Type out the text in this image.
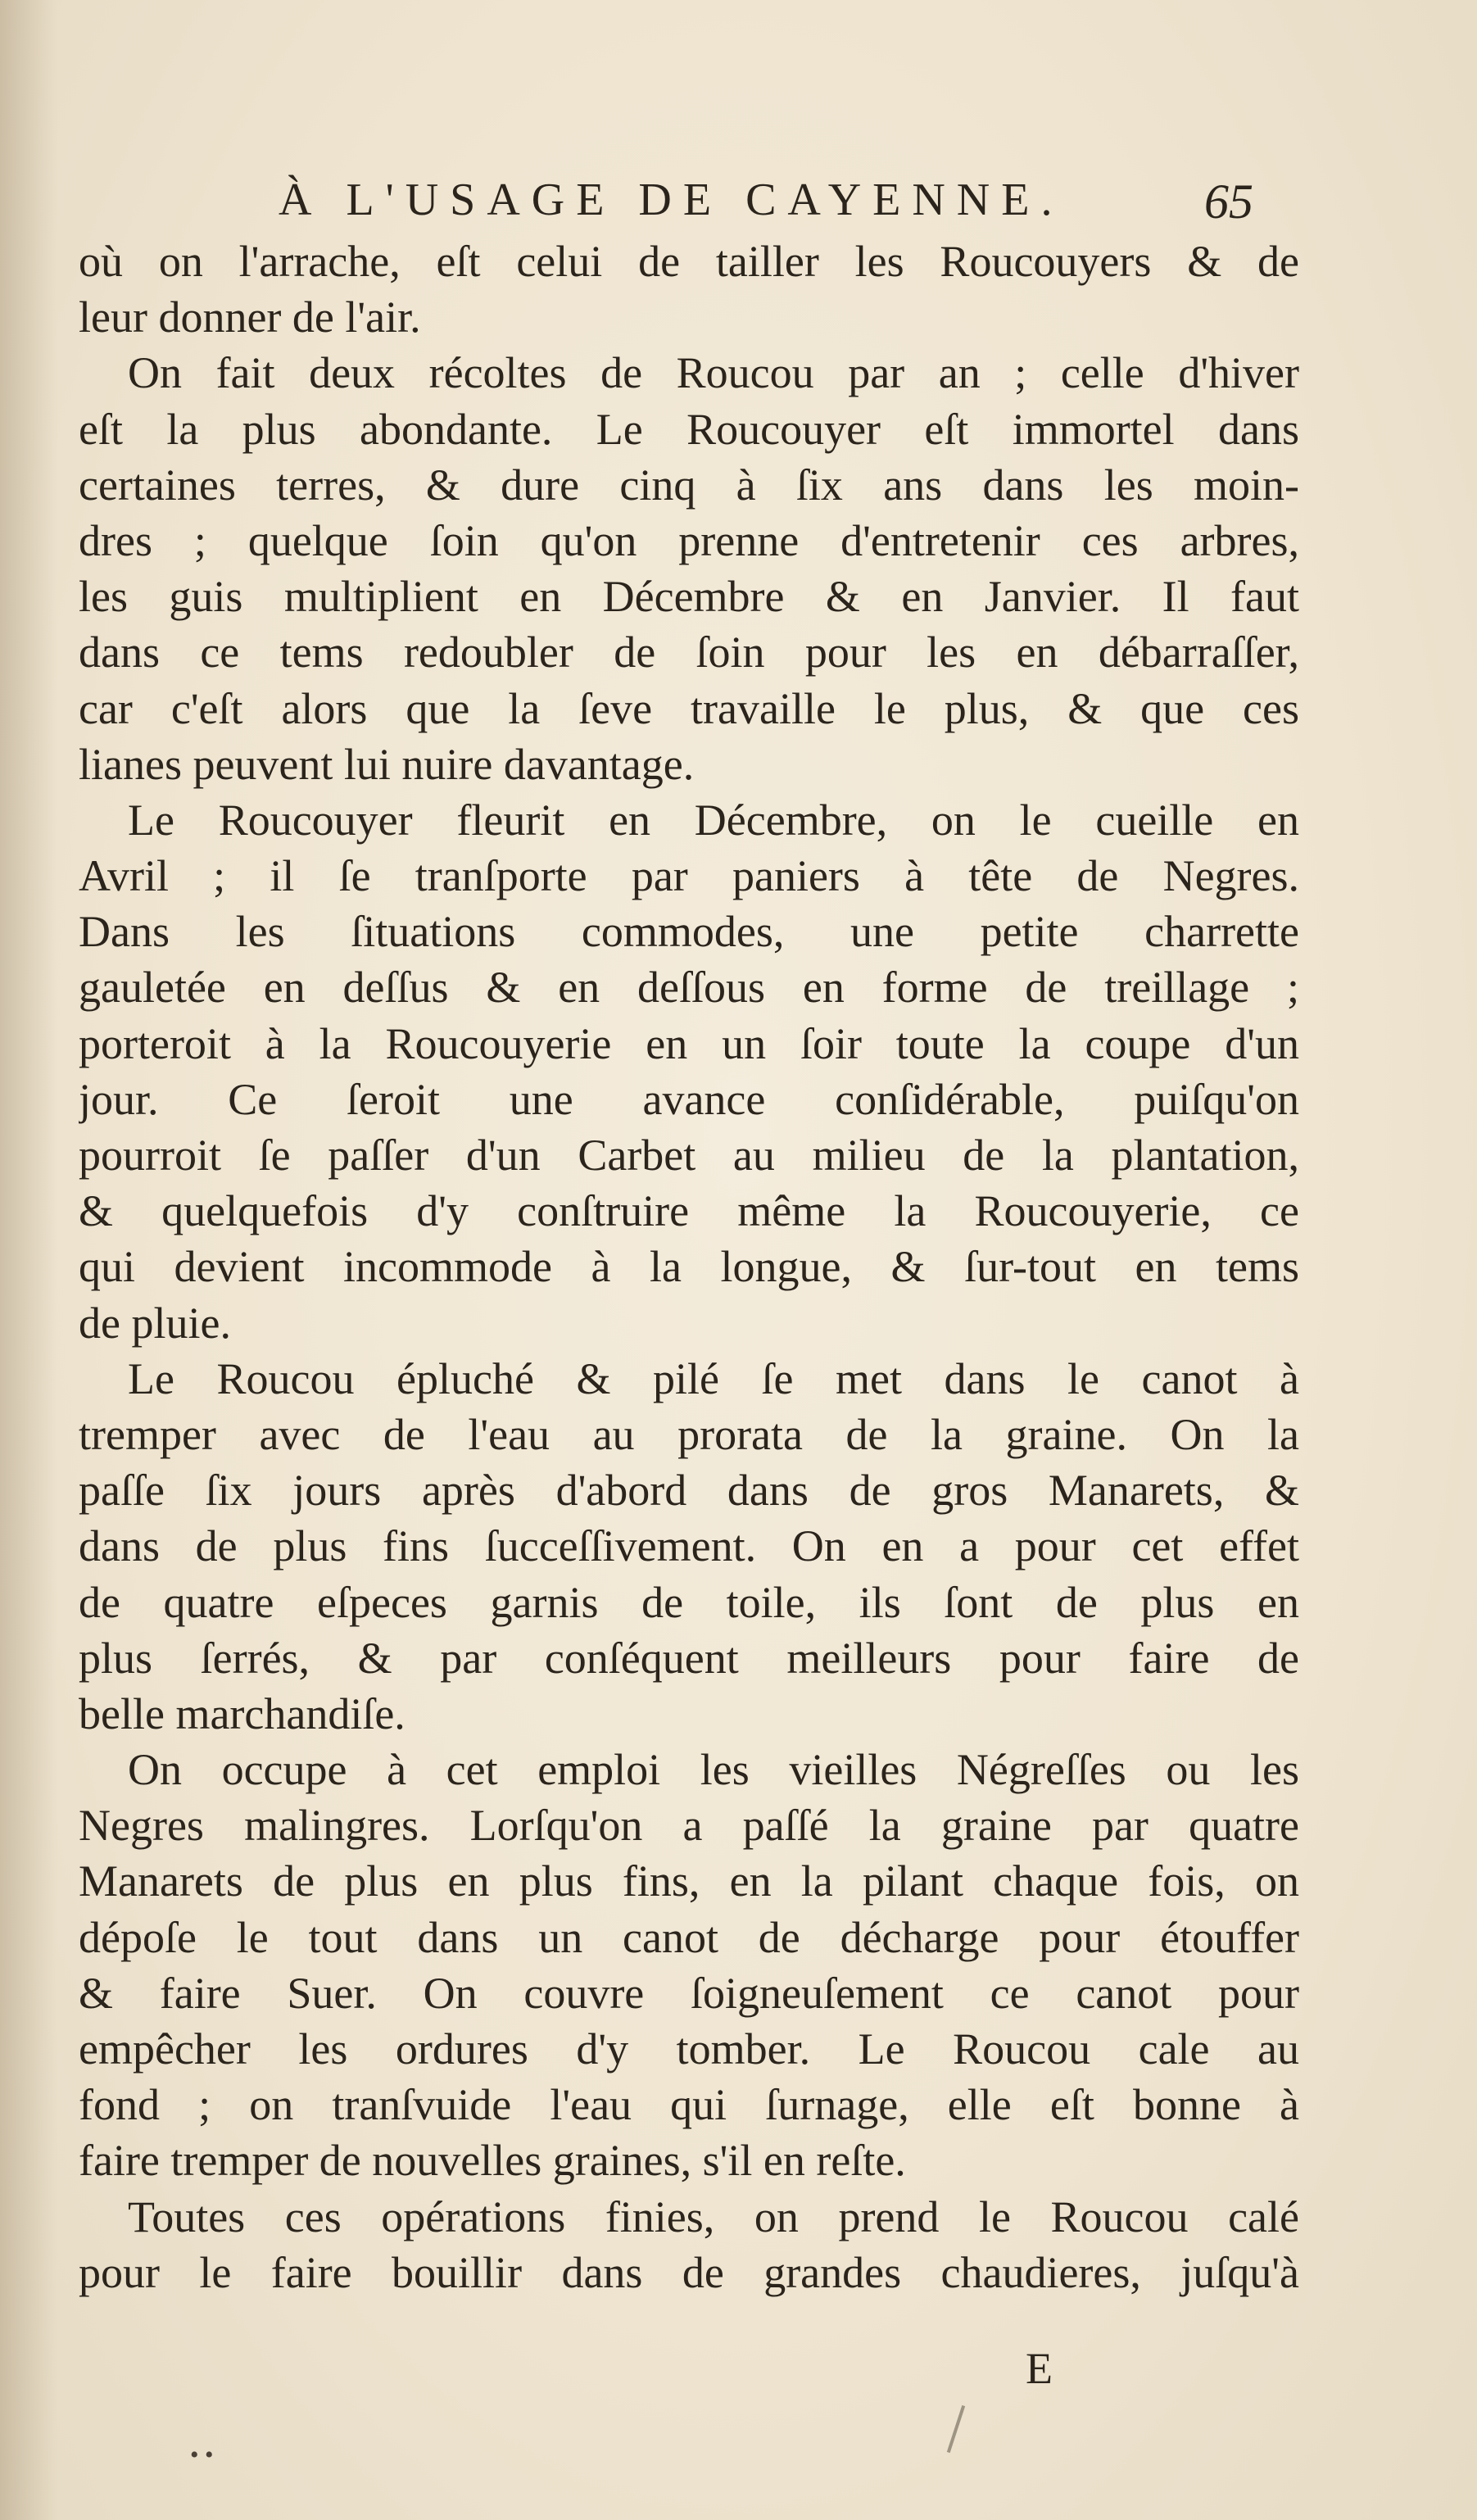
À L'USAGE DE CAYENNE.	65
où on l'arrache, eſt celui de tailler les Roucouyers & de
leur donner de l'air.
On fait deux récoltes de Roucou par an ; celle d'hiver
eſt la plus abondante. Le Roucouyer eſt immortel dans
certaines terres, & dure cinq à ſix ans dans les moin-
dres ; quelque ſoin qu'on prenne d'entretenir ces arbres,
les guis multiplient en Décembre & en Janvier. Il faut
dans ce tems redoubler de ſoin pour les en débarraſſer,
car c'eſt alors que la ſeve travaille le plus, & que ces
lianes peuvent lui nuire davantage.
Le Roucouyer fleurit en Décembre, on le cueille en
Avril ; il ſe tranſporte par paniers à tête de Negres.
Dans les ſituations commodes, une petite charrette
gauletée en deſſus & en deſſous en forme de treillage ;
porteroit à la Roucouyerie en un ſoir toute la coupe d'un
jour. Ce ſeroit une avance conſidérable, puiſqu'on
pourroit ſe paſſer d'un Carbet au milieu de la plantation,
& quelquefois d'y conſtruire même la Roucouyerie, ce
qui devient incommode à la longue, & ſur-tout en tems
de pluie.
Le Roucou épluché & pilé ſe met dans le canot à
tremper avec de l'eau au prorata de la graine. On la
paſſe ſix jours après d'abord dans de gros Manarets, &
dans de plus fins ſucceſſivement. On en a pour cet effet
de quatre eſpeces garnis de toile, ils ſont de plus en
plus ſerrés, & par conſéquent meilleurs pour faire de
belle marchandiſe.
On occupe à cet emploi les vieilles Négreſſes ou les
Negres malingres. Lorſqu'on a paſſé la graine par quatre
Manarets de plus en plus fins, en la pilant chaque fois, on
dépoſe le tout dans un canot de décharge pour étouffer
& faire Suer. On couvre ſoigneuſement ce canot pour
empêcher les ordures d'y tomber. Le Roucou cale au
fond ; on tranſvuide l'eau qui ſurnage, elle eſt bonne à
faire tremper de nouvelles graines, s'il en reſte.
Toutes ces opérations finies, on prend le Roucou calé
pour le faire bouillir dans de grandes chaudieres, juſqu'à
E
• •
